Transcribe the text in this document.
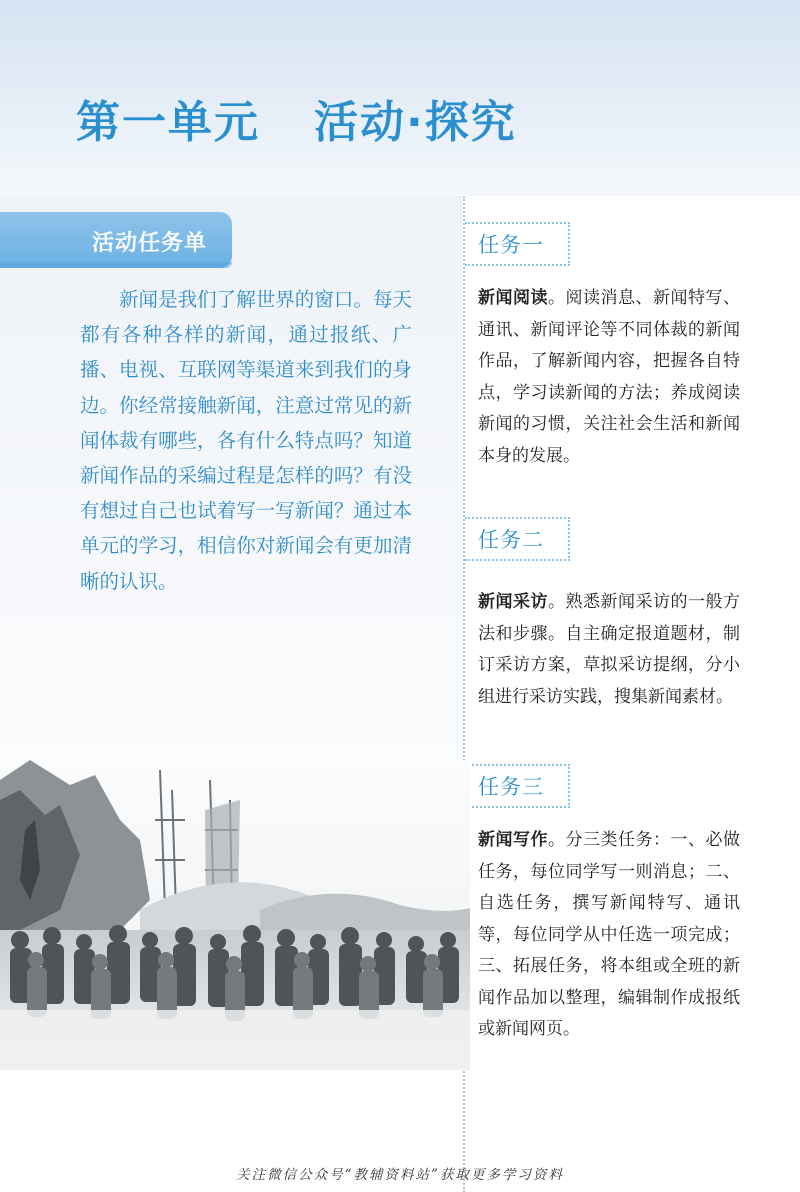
第一单元 活动·探究
活动任务单

新闻是我们了解世界的窗口。每天都有各种各样的新闻，通过报纸、广播、电视、互联网等渠道来到我们的身边。你经常接触新闻，注意过常见的新闻体裁有哪些，各有什么特点吗？知道新闻作品的采编过程是怎样的吗？有没有想过自己也试着写一写新闻？通过本单元的学习，相信你对新闻会有更加清晰的认识。

任务一

新闻阅读。阅读消息、新闻特写、通讯、新闻评论等不同体裁的新闻作品，了解新闻内容，把握各自特点，学习读新闻的方法；养成阅读新闻的习惯，关注社会生活和新闻本身的发展。

任务二

新闻采访。熟悉新闻采访的一般方法和步骤。自主确定报道题材，制订采访方案，草拟采访提纲，分小组进行采访实践，搜集新闻素材。

任务三

新闻写作。分三类任务：一、必做任务，每位同学写一则消息；二、自选任务，撰写新闻特写、通讯等，每位同学从中任选一项完成；三、拓展任务，将本组或全班的新闻作品加以整理，编辑制作成报纸或新闻网页。

关注微信公众号“教辅资料站”获取更多学习资料
